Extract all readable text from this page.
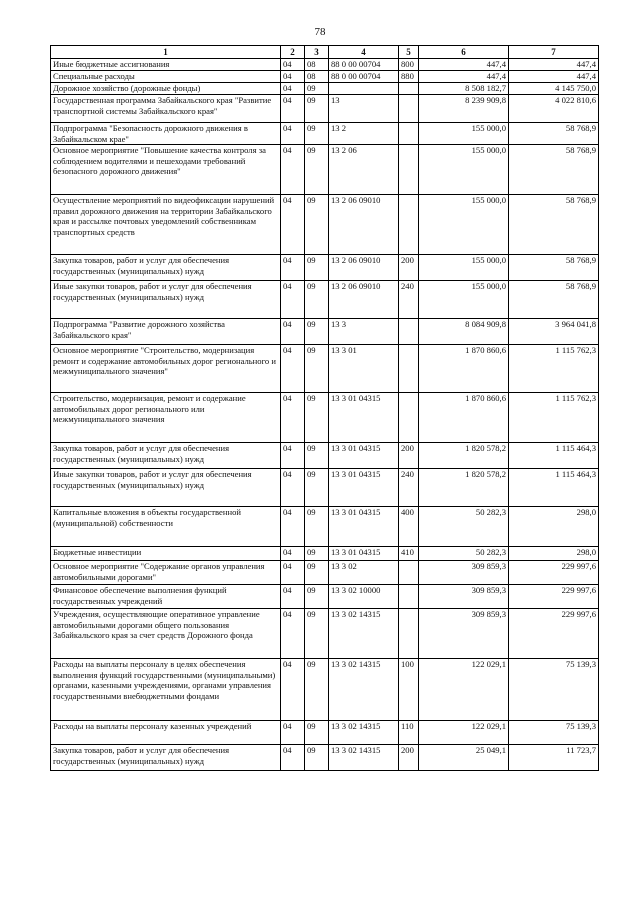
78
1	2	3	4	5	6	7
Иные бюджетные ассигнования	04	08	88 0 00 00704	800	447,4	447,4
Специальные расходы	04	08	88 0 00 00704	880	447,4	447,4
Дорожное хозяйство (дорожные фонды)	04	09			8 508 182,7	4 145 750,0
Государственная программа Забайкальского края "Развитие транспортной системы Забайкальского края"	04	09	13		8 239 909,8	4 022 810,6
Подпрограмма "Безопасность дорожного движения в Забайкальском крае"	04	09	13 2		155 000,0	58 768,9
Основное мероприятие "Повышение качества контроля за соблюдением водителями и пешеходами требований безопасного дорожного движения"	04	09	13 2 06		155 000,0	58 768,9
Осуществление мероприятий по видеофиксации нарушений правил дорожного движения на территории Забайкальского края и рассылке почтовых уведомлений собственникам транспортных средств	04	09	13 2 06 09010		155 000,0	58 768,9
Закупка товаров, работ и услуг для обеспечения государственных (муниципальных) нужд	04	09	13 2 06 09010	200	155 000,0	58 768,9
Иные закупки товаров, работ и услуг для обеспечения государственных (муниципальных) нужд	04	09	13 2 06 09010	240	155 000,0	58 768,9
Подпрограмма "Развитие дорожного хозяйства Забайкальского края"	04	09	13 3		8 084 909,8	3 964 041,8
Основное мероприятие "Строительство, модернизация ремонт и содержание автомобильных дорог регионального и межмуниципального значения"	04	09	13 3 01		1 870 860,6	1 115 762,3
Строительство, модернизация, ремонт и содержание автомобильных дорог регионального или межмуниципального значения	04	09	13 3 01 04315		1 870 860,6	1 115 762,3
Закупка товаров, работ и услуг для обеспечения государственных (муниципальных) нужд	04	09	13 3 01 04315	200	1 820 578,2	1 115 464,3
Иные закупки товаров, работ и услуг для обеспечения государственных (муниципальных) нужд	04	09	13 3 01 04315	240	1 820 578,2	1 115 464,3
Капитальные вложения в объекты государственной (муниципальной) собственности	04	09	13 3 01 04315	400	50 282,3	298,0
Бюджетные инвестиции	04	09	13 3 01 04315	410	50 282,3	298,0
Основное мероприятие "Содержание органов управления автомобильными дорогами"	04	09	13 3 02		309 859,3	229 997,6
Финансовое обеспечение выполнения функций государственных учреждений	04	09	13 3 02 10000		309 859,3	229 997,6
Учреждения, осуществляющие оперативное управление автомобильными дорогами общего пользования Забайкальского края за счет средств Дорожного фонда	04	09	13 3 02 14315		309 859,3	229 997,6
Расходы на выплаты персоналу в целях обеспечения выполнения функций государственными (муниципальными) органами, казенными учреждениями, органами управления государственными внебюджетными фондами	04	09	13 3 02 14315	100	122 029,1	75 139,3
Расходы на выплаты персоналу казенных учреждений	04	09	13 3 02 14315	110	122 029,1	75 139,3
Закупка товаров, работ и услуг для обеспечения государственных (муниципальных) нужд	04	09	13 3 02 14315	200	25 049,1	11 723,7
